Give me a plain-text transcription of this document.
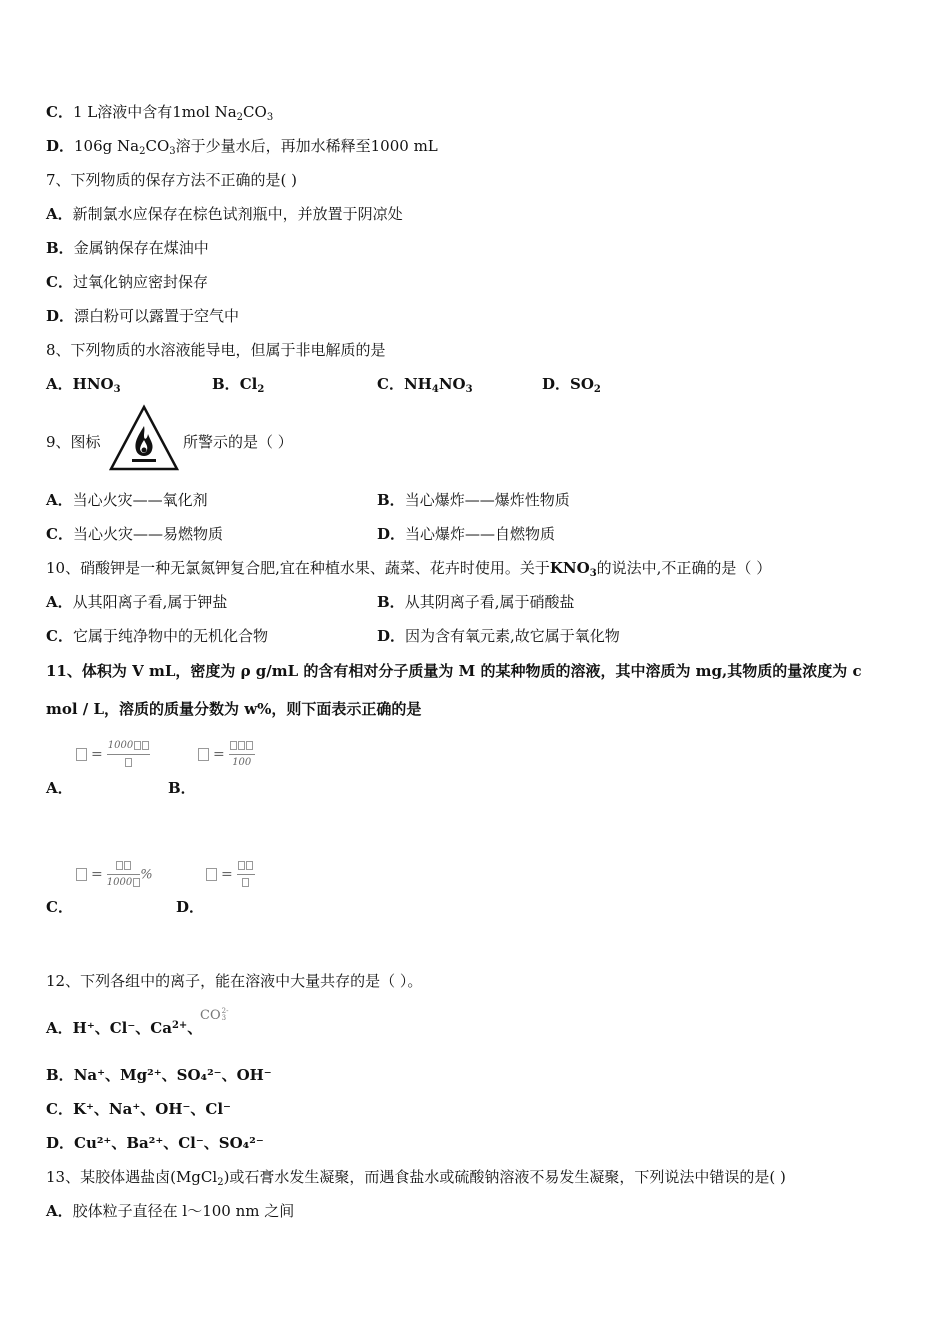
C．1 L溶液中含有1mol $Na_2CO_3$
D．106g $Na_2CO_3$溶于少量水后，再加水稀释至1000 mL
7、下列物质的保存方法不正确的是( )
A．新制氯水应保存在棕色试剂瓶中，并放置于阴凉处
B．金属钠保存在煤油中
C．过氧化钠应密封保存
D．漂白粉可以露置于空气中
8、下列物质的水溶液能导电，但属于非电解质的是
A．$HNO_3$	B．$Cl_2$	C．$NH_4NO_3$	D．$SO_2$
9、图标	所警示的是（ ）
A．当心火灾——氧化剂	B．当心爆炸——爆炸性物质
C．当心火灾——易燃物质	D．当心爆炸——自燃物质
10、硝酸钾是一种无氯氮钾复合肥,宜在种植水果、蔬菜、花卉时使用。关于$KNO_3$的说法中,不正确的是（ ）
A．从其阳离子看,属于钾盐	B．从其阴离子看,属于硝酸盐
C．它属于纯净物中的无机化合物	D．因为含有氧元素,故它属于氧化物
11、体积为 V mL，密度为 ρ g/mL 的含有相对分子质量为 M 的某种物质的溶液，其中溶质为 mg,其物质的量浓度为 c
mol / L，溶质的质量分数为 w%，则下面表示正确的是
=
1000
= 100
A．	B．
= 1000 %	=
C．	D．
12、下列各组中的离子，能在溶液中大量共存的是（ ）。
A．H⁺、Cl⁻、$Ca^{2+}$、
CO 2-
3
B．Na⁺、Mg²⁺、SO₄²⁻、OH⁻
C．K⁺、Na⁺、OH⁻、Cl⁻
D．Cu²⁺、Ba²⁺、Cl⁻、SO₄²⁻
13、某胶体遇盐卤(MgCl$_2$)或石膏水发生凝聚，而遇食盐水或硫酸钠溶液不易发生凝聚，下列说法中错误的是( )
A．胶体粒子直径在 l～100 nm 之间
